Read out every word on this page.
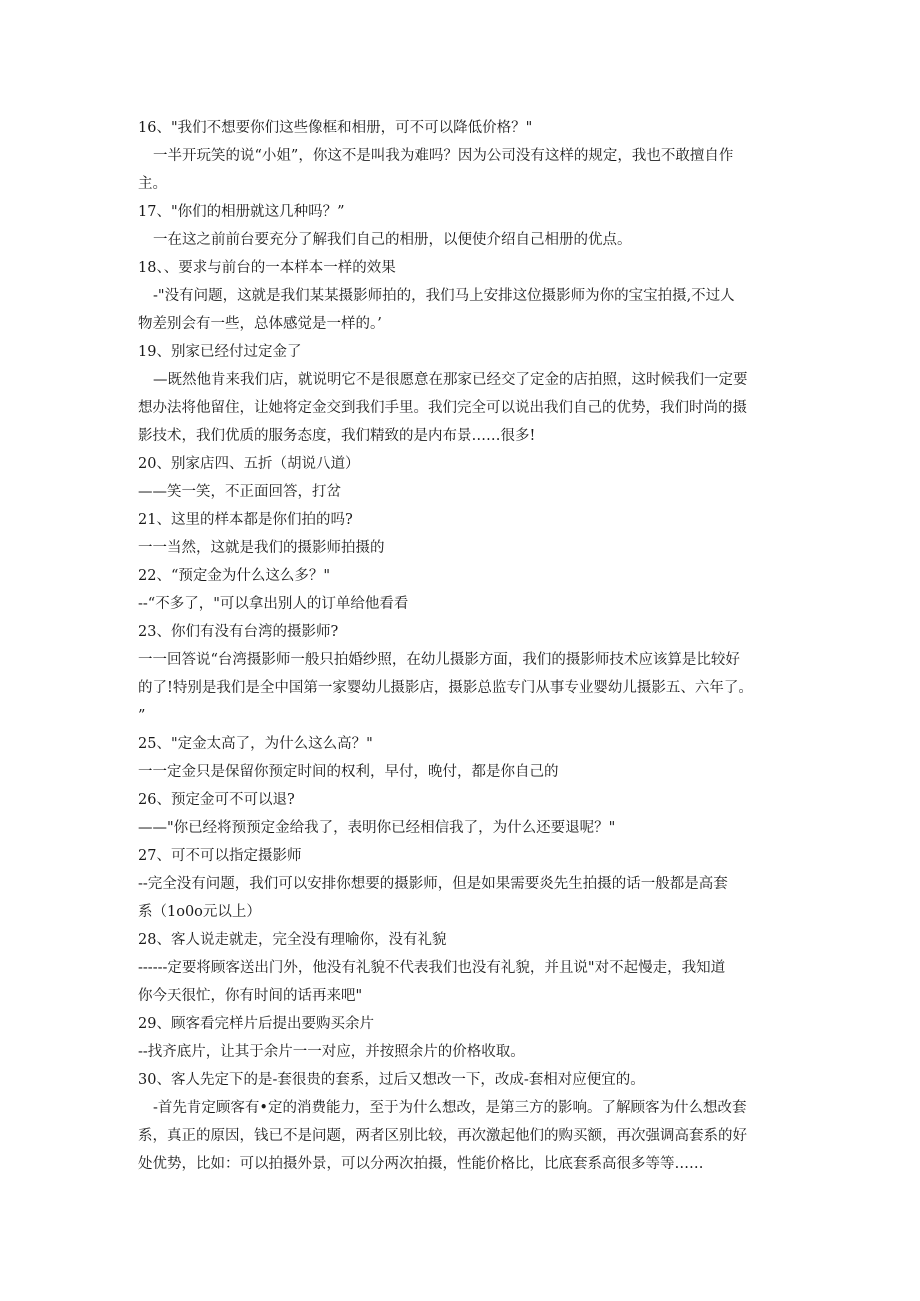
16、"我们不想要你们这些像框和相册，可不可以降低价格？"
一半开玩笑的说“小姐”，你这不是叫我为难吗？因为公司没有这样的规定，我也不敢擅自作
主。
17、"你们的相册就这几种吗？”
一在这之前前台要充分了解我们自己的相册，以便使介绍自己相册的优点。
18、、要求与前台的一本样本一样的效果
-"没有问题，这就是我们某某摄影师拍的，我们马上安排这位摄影师为你的宝宝拍摄,不过人
物差别会有一些，总体感觉是一样的。’
19、别家已经付过定金了
—既然他肯来我们店，就说明它不是很愿意在那家已经交了定金的店拍照，这时候我们一定要
想办法将他留住，让她将定金交到我们手里。我们完全可以说出我们自己的优势，我们时尚的摄
影技术，我们优质的服务态度，我们精致的是内布景……很多!
20、别家店四、五折（胡说八道）
——笑一笑，不正面回答，打岔
21、这里的样本都是你们拍的吗?
一一当然，这就是我们的摄影师拍摄的
22、“预定金为什么这么多？"
--“不多了，"可以拿出别人的订单给他看看
23、你们有没有台湾的摄影师?
一一回答说“台湾摄影师一般只拍婚纱照，在幼儿摄影方面，我们的摄影师技术应该算是比较好
的了!特别是我们是全中国第一家婴幼儿摄影店，摄影总监专门从事专业婴幼儿摄影五、六年了。
”
25、"定金太高了，为什么这么高？"
一一定金只是保留你预定时间的权利，早付，晚付，都是你自己的
26、预定金可不可以退?
——"你已经将预预定金给我了，表明你已经相信我了，为什么还要退呢？"
27、可不可以指定摄影师
--完全没有问题，我们可以安排你想要的摄影师，但是如果需要炎先生拍摄的话一般都是高套
系（1o0o元以上）
28、客人说走就走，完全没有理喻你，没有礼貌
------定要将顾客送出门外，他没有礼貌不代表我们也没有礼貌，并且说"对不起慢走，我知道
你今天很忙，你有时间的话再来吧"
29、顾客看完样片后提出要购买余片
--找齐底片，让其于余片一一对应，并按照余片的价格收取。
30、客人先定下的是-套很贵的套系，过后又想改一下，改成-套相对应便宜的。
-首先肯定顾客有•定的消费能力，至于为什么想改，是第三方的影响。了解顾客为什么想改套
系，真正的原因，钱已不是问题，两者区别比较，再次激起他们的购买额，再次强调高套系的好
处优势，比如：可以拍摄外景，可以分两次拍摄，性能价格比，比底套系高很多等等……
